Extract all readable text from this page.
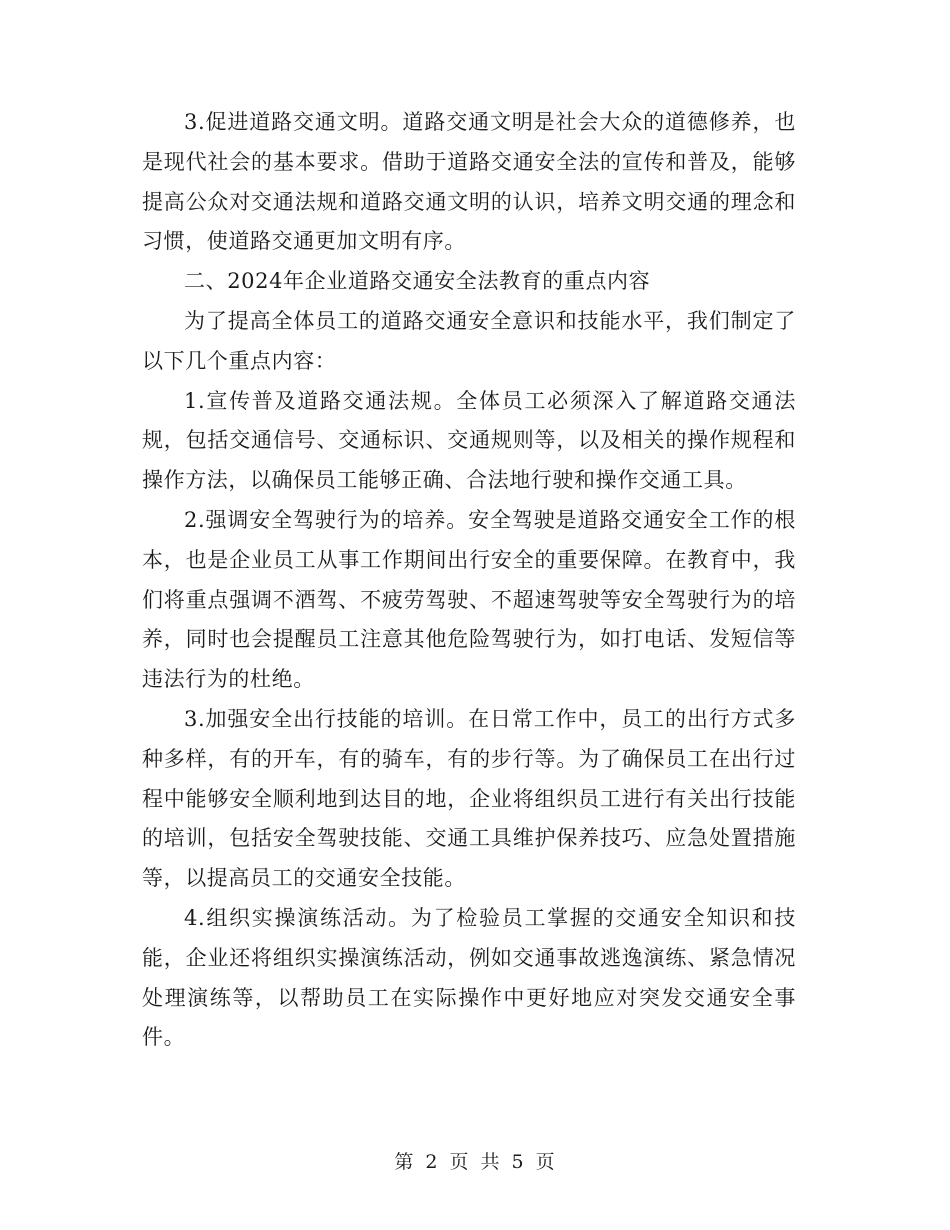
3.促进道路交通文明。道路交通文明是社会大众的道德修养，也是现代社会的基本要求。借助于道路交通安全法的宣传和普及，能够提高公众对交通法规和道路交通文明的认识，培养文明交通的理念和习惯，使道路交通更加文明有序。

二、2024年企业道路交通安全法教育的重点内容

为了提高全体员工的道路交通安全意识和技能水平，我们制定了以下几个重点内容：

1.宣传普及道路交通法规。全体员工必须深入了解道路交通法规，包括交通信号、交通标识、交通规则等，以及相关的操作规程和操作方法，以确保员工能够正确、合法地行驶和操作交通工具。

2.强调安全驾驶行为的培养。安全驾驶是道路交通安全工作的根本，也是企业员工从事工作期间出行安全的重要保障。在教育中，我们将重点强调不酒驾、不疲劳驾驶、不超速驾驶等安全驾驶行为的培养，同时也会提醒员工注意其他危险驾驶行为，如打电话、发短信等违法行为的杜绝。

3.加强安全出行技能的培训。在日常工作中，员工的出行方式多种多样，有的开车，有的骑车，有的步行等。为了确保员工在出行过程中能够安全顺利地到达目的地，企业将组织员工进行有关出行技能的培训，包括安全驾驶技能、交通工具维护保养技巧、应急处置措施等，以提高员工的交通安全技能。

4.组织实操演练活动。为了检验员工掌握的交通安全知识和技能，企业还将组织实操演练活动，例如交通事故逃逸演练、紧急情况处理演练等，以帮助员工在实际操作中更好地应对突发交通安全事件。

第 2 页 共 5 页
